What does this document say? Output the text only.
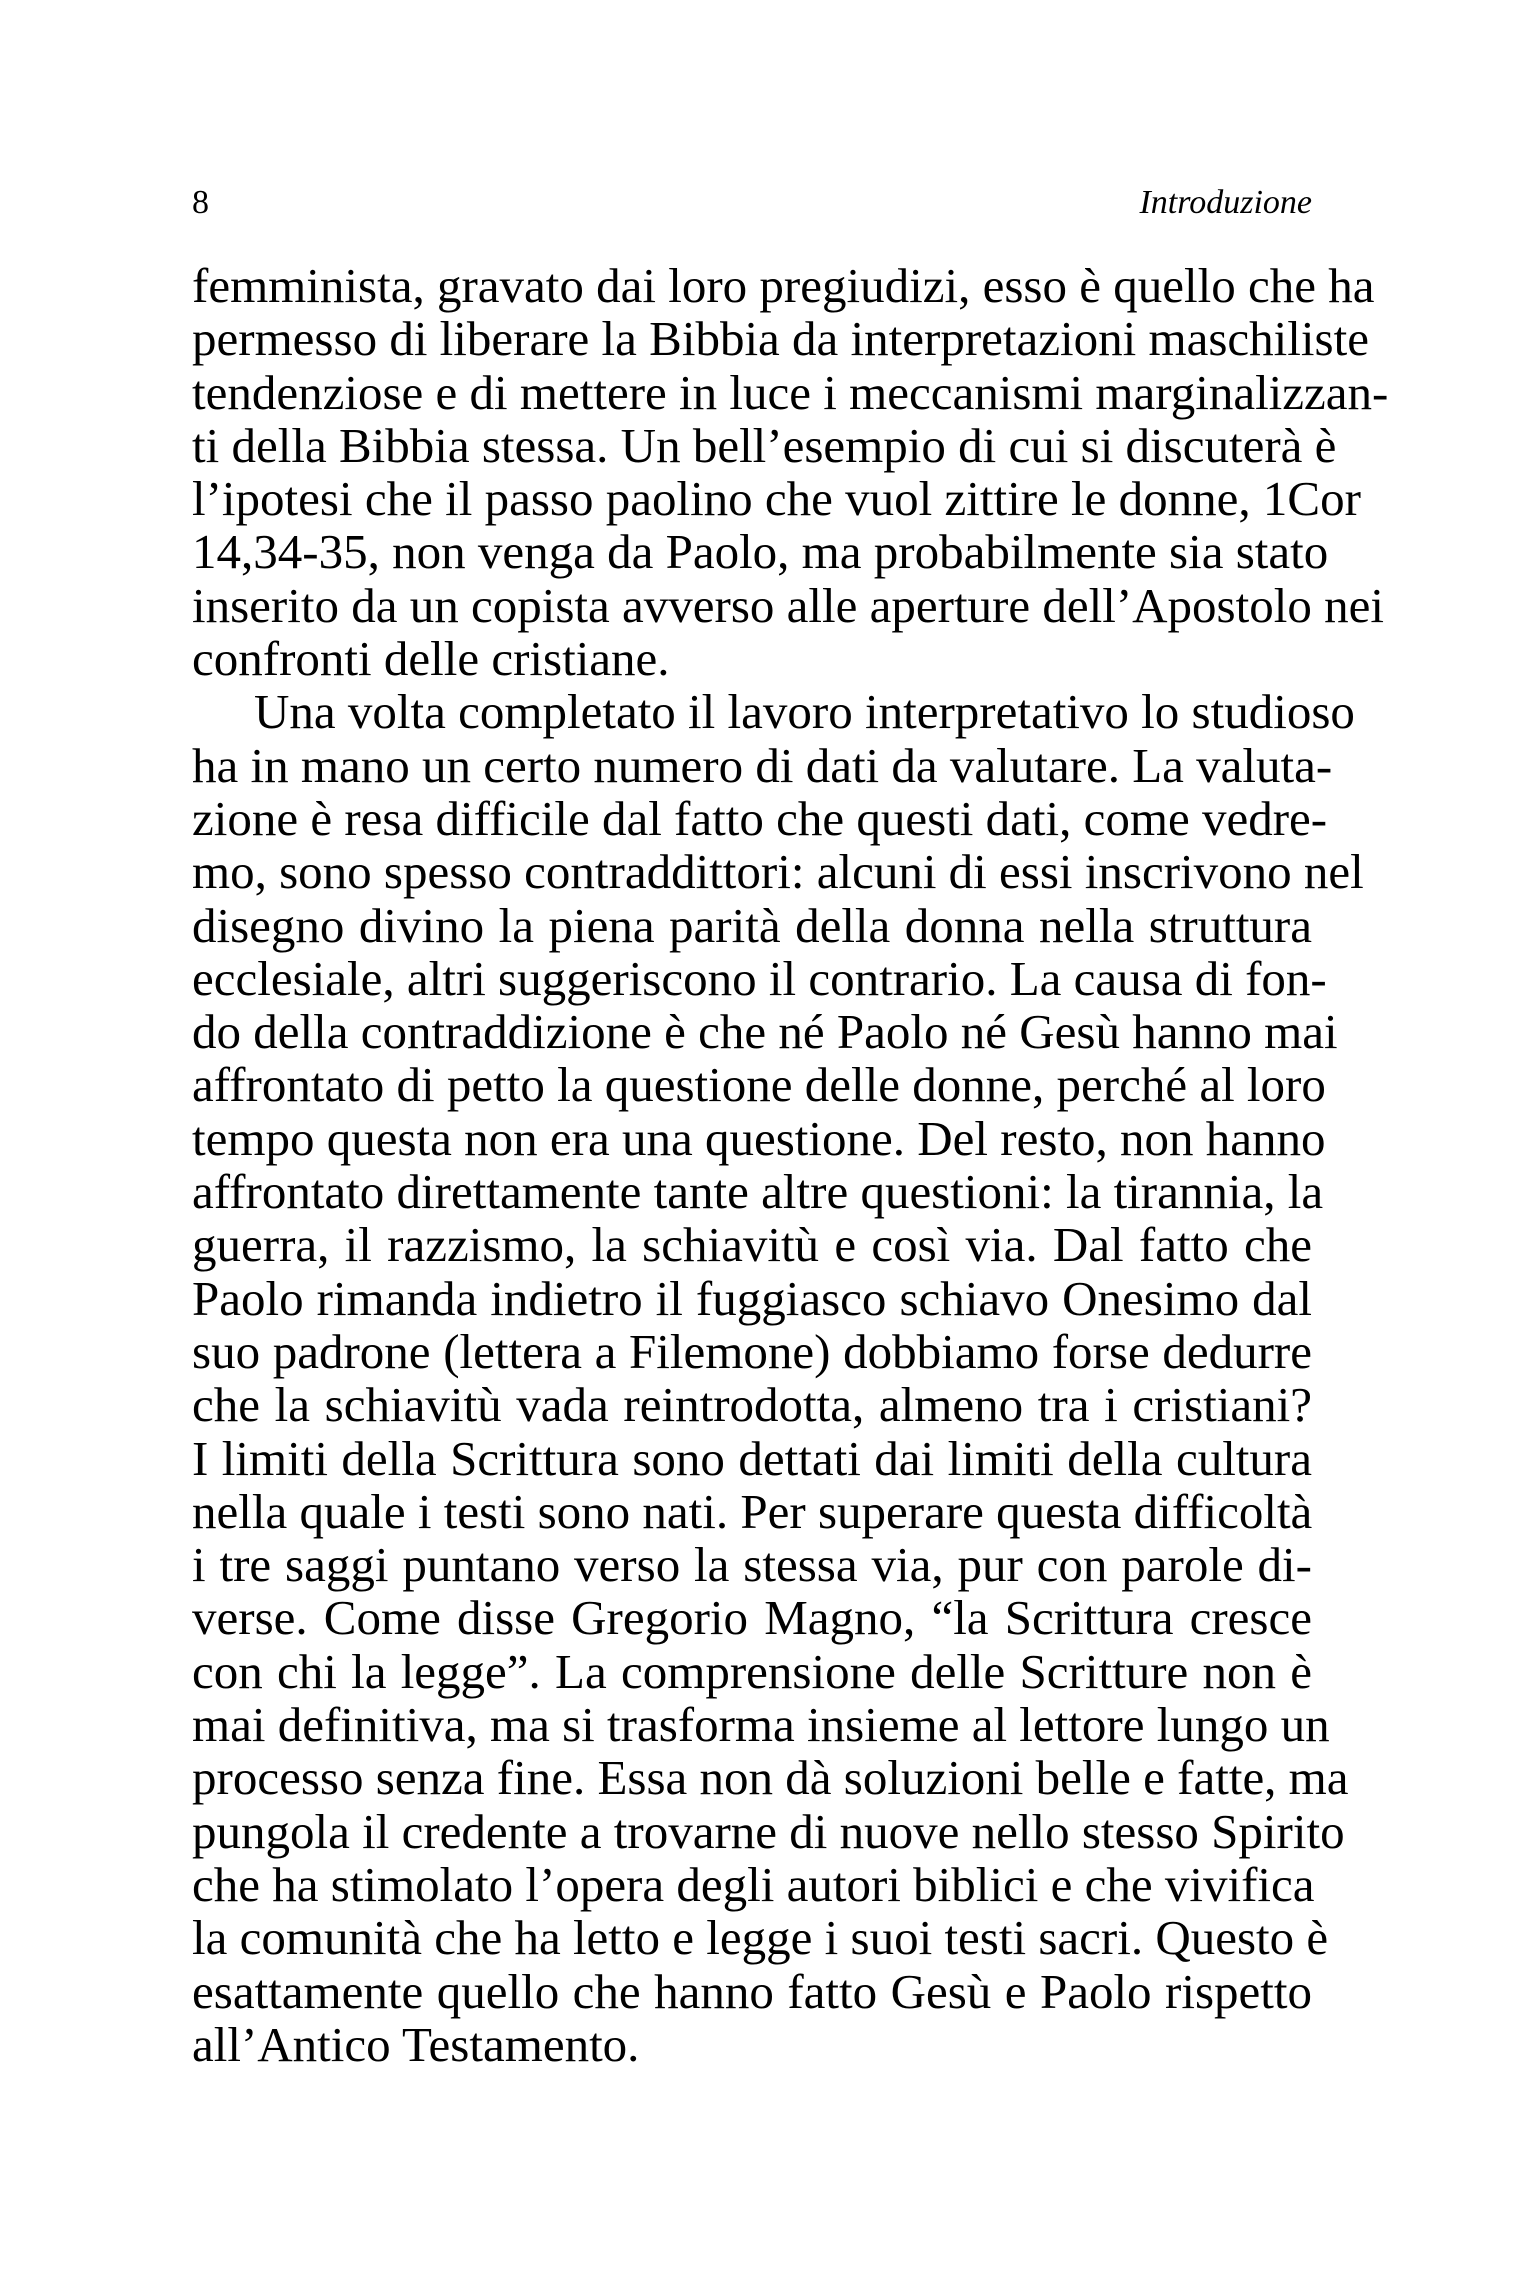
8	Introduzione
femminista, gravato dai loro pregiudizi, esso è quello che ha
permesso di liberare la Bibbia da interpretazioni maschiliste
tendenziose e di mettere in luce i meccanismi marginalizzan-
ti della Bibbia stessa. Un bell’esempio di cui si discuterà è
l’ipotesi che il passo paolino che vuol zittire le donne, 1Cor
14,34-35, non venga da Paolo, ma probabilmente sia stato
inserito da un copista avverso alle aperture dell’Apostolo nei
confronti delle cristiane.
Una volta completato il lavoro interpretativo lo studioso
ha in mano un certo numero di dati da valutare. La valuta-
zione è resa difficile dal fatto che questi dati, come vedre-
mo, sono spesso contraddittori: alcuni di essi inscrivono nel
disegno divino la piena parità della donna nella struttura
ecclesiale, altri suggeriscono il contrario. La causa di fon-
do della contraddizione è che né Paolo né Gesù hanno mai
affrontato di petto la questione delle donne, perché al loro
tempo questa non era una questione. Del resto, non hanno
affrontato direttamente tante altre questioni: la tirannia, la
guerra, il razzismo, la schiavitù e così via. Dal fatto che
Paolo rimanda indietro il fuggiasco schiavo Onesimo dal
suo padrone (lettera a Filemone) dobbiamo forse dedurre
che la schiavitù vada reintrodotta, almeno tra i cristiani?
I limiti della Scrittura sono dettati dai limiti della cultura
nella quale i testi sono nati. Per superare questa difficoltà
i tre saggi puntano verso la stessa via, pur con parole di-
verse. Come disse Gregorio Magno, “la Scrittura cresce
con chi la legge”. La comprensione delle Scritture non è
mai definitiva, ma si trasforma insieme al lettore lungo un
processo senza fine. Essa non dà soluzioni belle e fatte, ma
pungola il credente a trovarne di nuove nello stesso Spirito
che ha stimolato l’opera degli autori biblici e che vivifica
la comunità che ha letto e legge i suoi testi sacri. Questo è
esattamente quello che hanno fatto Gesù e Paolo rispetto
all’Antico Testamento.
